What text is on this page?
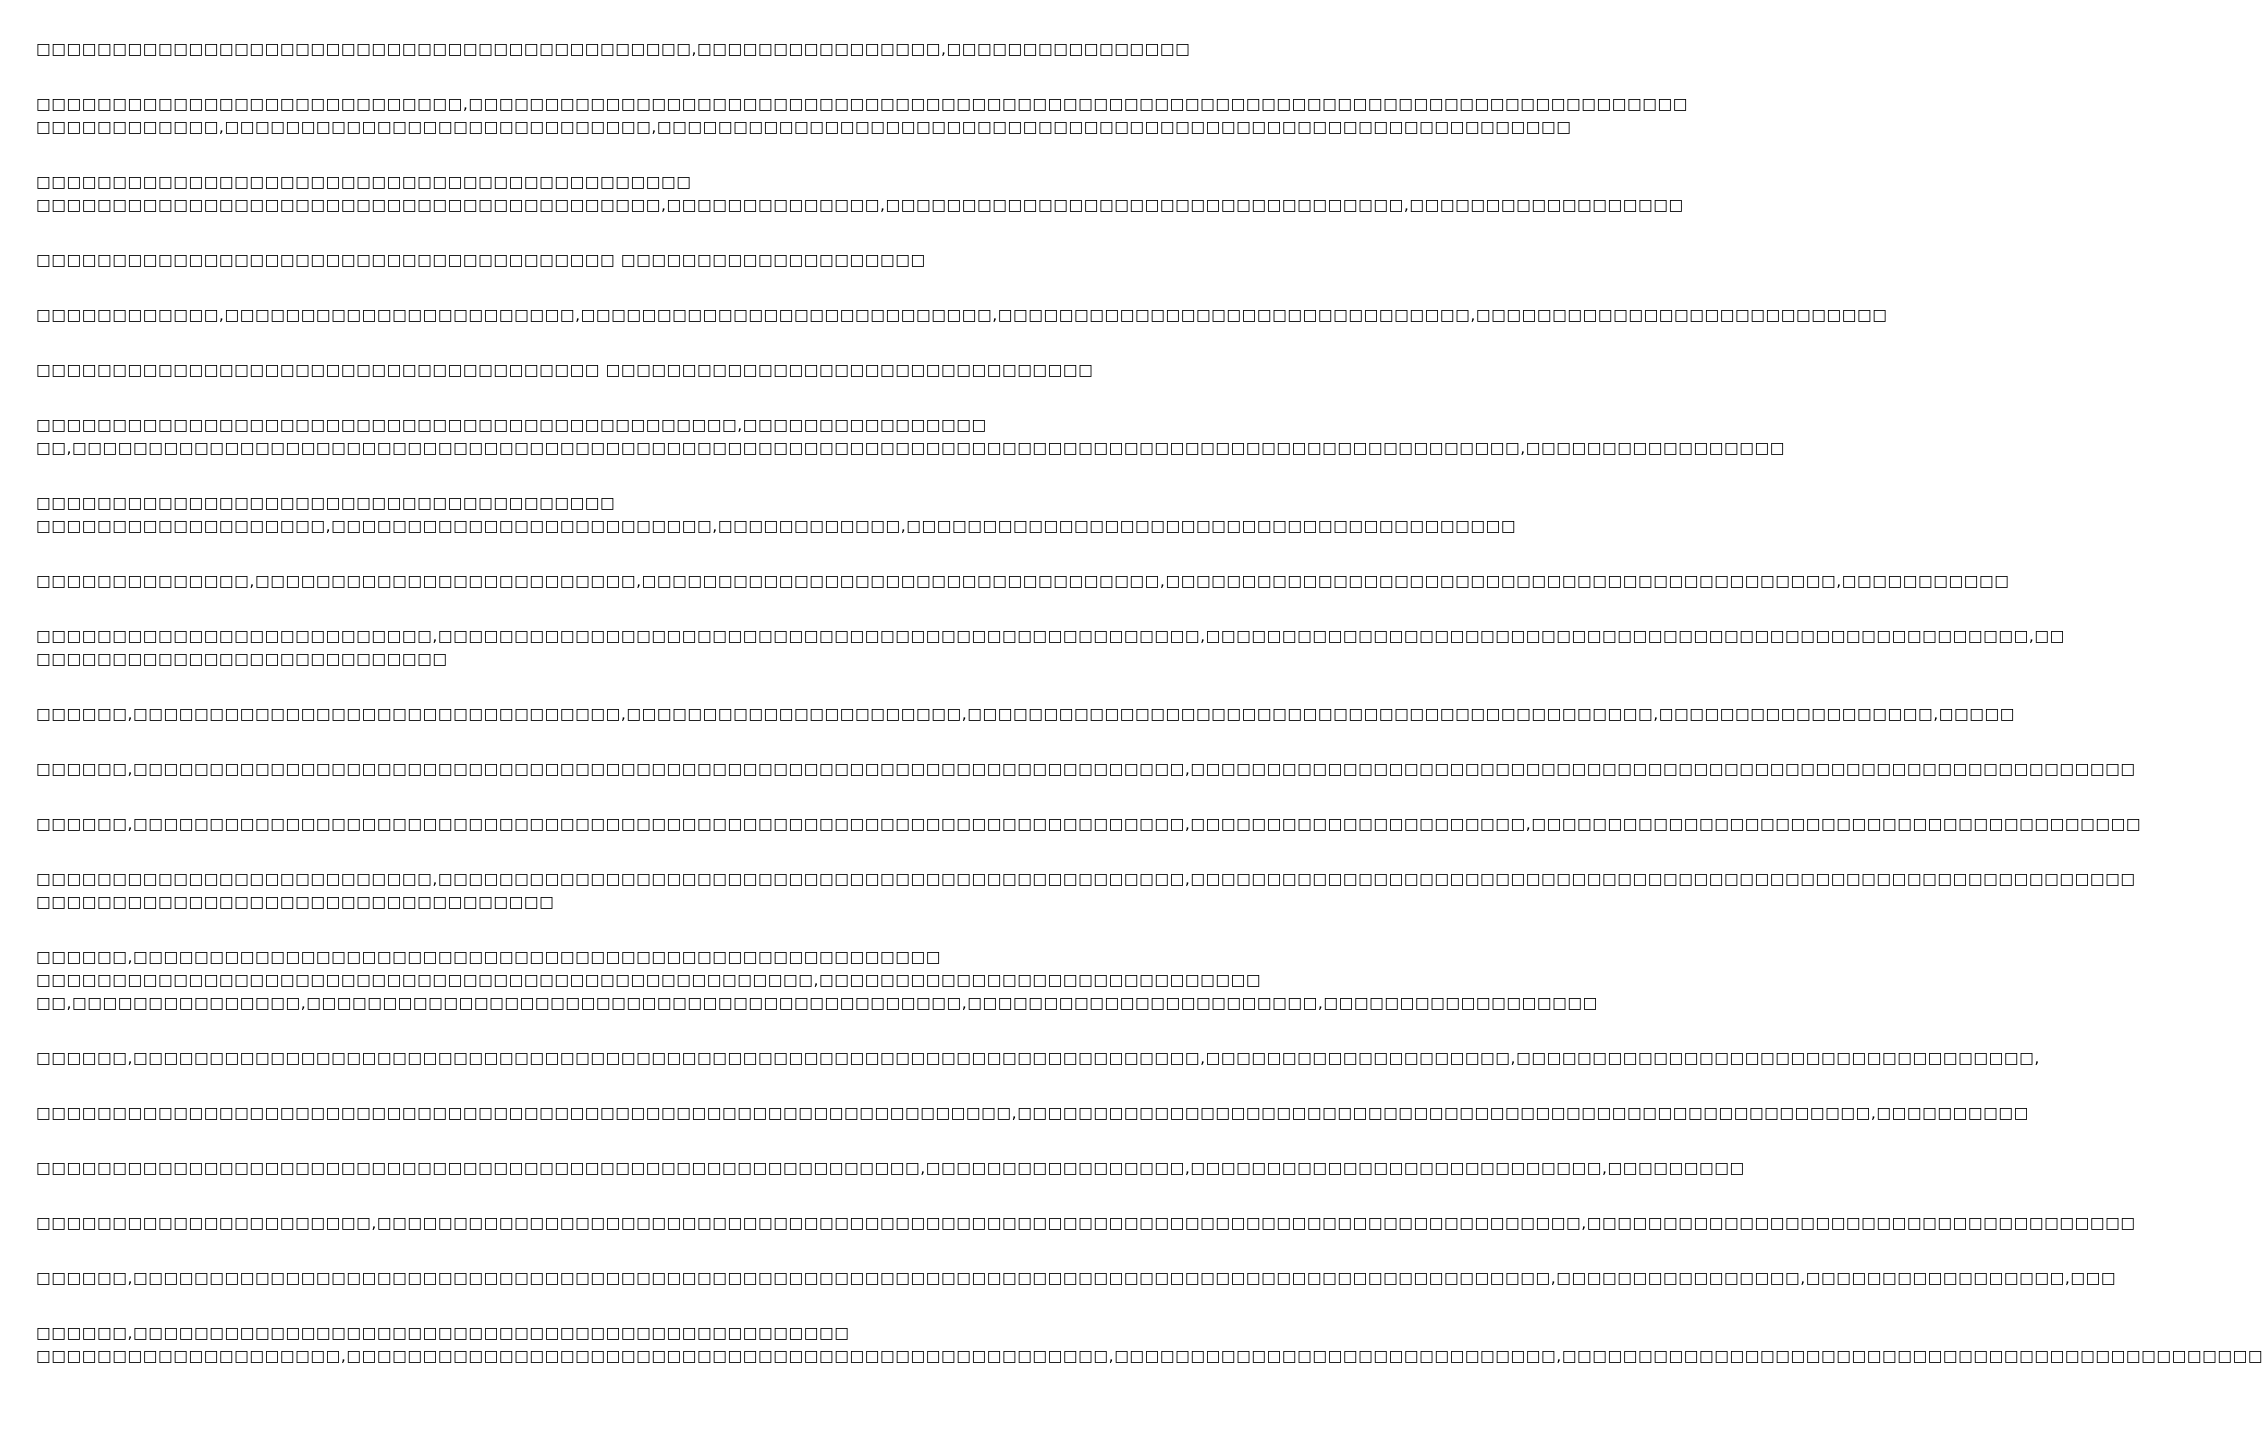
□□□□□□□□□□□□□□□□□□□□□□□□□□□□□□□□□□□□□□□□□□□,□□□□□□□□□□□□□□□□,□□□□□□□□□□□□□□□□

□□□□□□□□□□□□□□□□□□□□□□□□□□□□,□□□□□□□□□□□□□□□□□□□□□□□□□□□□□□□□□□□□□□□□□□□□□□□□□□□□□□□□□□□□□□□□□□□□□□□□□□□□□□□□
□□□□□□□□□□□□,□□□□□□□□□□□□□□□□□□□□□□□□□□□□,□□□□□□□□□□□□□□□□□□□□□□□□□□□□□□□□□□□□□□□□□□□□□□□□□□□□□□□□□□□□

□□□□□□□□□□□□□□□□□□□□□□□□□□□□□□□□□□□□□□□□□□□
□□□□□□□□□□□□□□□□□□□□□□□□□□□□□□□□□□□□□□□□□,□□□□□□□□□□□□□□,□□□□□□□□□□□□□□□□□□□□□□□□□□□□□□□□□□,□□□□□□□□□□□□□□□□□□

□□□□□□□□□□□□□□□□□□□□□□□□□□□□□□□□□□□□□□ □□□□□□□□□□□□□□□□□□□□

□□□□□□□□□□□□,□□□□□□□□□□□□□□□□□□□□□□□,□□□□□□□□□□□□□□□□□□□□□□□□□□□,□□□□□□□□□□□□□□□□□□□□□□□□□□□□□□□,□□□□□□□□□□□□□□□□□□□□□□□□□□□

□□□□□□□□□□□□□□□□□□□□□□□□□□□□□□□□□□□□□ □□□□□□□□□□□□□□□□□□□□□□□□□□□□□□□□

□□□□□□□□□□□□□□□□□□□□□□□□□□□□□□□□□□□□□□□□□□□□□□,□□□□□□□□□□□□□□□□
□□,□□□□□□□□□□□□□□□□□□□□□□□□□□□□□□□□□□□□□□□□□□□□□□□□□□□□□□□□□□□□□□□□□□□□□□□□□□□□□□□□□□□□□□□□□□□□□□□,□□□□□□□□□□□□□□□□□

□□□□□□□□□□□□□□□□□□□□□□□□□□□□□□□□□□□□□□
□□□□□□□□□□□□□□□□□□□,□□□□□□□□□□□□□□□□□□□□□□□□□,□□□□□□□□□□□□,□□□□□□□□□□□□□□□□□□□□□□□□□□□□□□□□□□□□□□□□

□□□□□□□□□□□□□□,□□□□□□□□□□□□□□□□□□□□□□□□□,□□□□□□□□□□□□□□□□□□□□□□□□□□□□□□□□□□,□□□□□□□□□□□□□□□□□□□□□□□□□□□□□□□□□□□□□□□□□□□□,□□□□□□□□□□□

□□□□□□□□□□□□□□□□□□□□□□□□□□,□□□□□□□□□□□□□□□□□□□□□□□□□□□□□□□□□□□□□□□□□□□□□□□□□□,□□□□□□□□□□□□□□□□□□□□□□□□□□□□□□□□□□□□□□□□□□□□□□□□□□□□□□,□□
□□□□□□□□□□□□□□□□□□□□□□□□□□□

□□□□□□,□□□□□□□□□□□□□□□□□□□□□□□□□□□□□□□□,□□□□□□□□□□□□□□□□□□□□□□,□□□□□□□□□□□□□□□□□□□□□□□□□□□□□□□□□□□□□□□□□□□□□,□□□□□□□□□□□□□□□□□□,□□□□□

□□□□□□,□□□□□□□□□□□□□□□□□□□□□□□□□□□□□□□□□□□□□□□□□□□□□□□□□□□□□□□□□□□□□□□□□□□□□,□□□□□□□□□□□□□□□□□□□□□□□□□□□□□□□□□□□□□□□□□□□□□□□□□□□□□□□□□□□□□□

□□□□□□,□□□□□□□□□□□□□□□□□□□□□□□□□□□□□□□□□□□□□□□□□□□□□□□□□□□□□□□□□□□□□□□□□□□□□,□□□□□□□□□□□□□□□□□□□□□□,□□□□□□□□□□□□□□□□□□□□□□□□□□□□□□□□□□□□□□□□

□□□□□□□□□□□□□□□□□□□□□□□□□□,□□□□□□□□□□□□□□□□□□□□□□□□□□□□□□□□□□□□□□□□□□□□□□□□□,□□□□□□□□□□□□□□□□□□□□□□□□□□□□□□□□□□□□□□□□□□□□□□□□□□□□□□□□□□□□□□
□□□□□□□□□□□□□□□□□□□□□□□□□□□□□□□□□□

□□□□□□,□□□□□□□□□□□□□□□□□□□□□□□□□□□□□□□□□□□□□□□□□□□□□□□□□□□□□
□□□□□□□□□□□□□□□□□□□□□□□□□□□□□□□□□□□□□□□□□□□□□□□□□□□,□□□□□□□□□□□□□□□□□□□□□□□□□□□□□
□□,□□□□□□□□□□□□□□□,□□□□□□□□□□□□□□□□□□□□□□□□□□□□□□□□□□□□□□□□□□□,□□□□□□□□□□□□□□□□□□□□□□□,□□□□□□□□□□□□□□□□□□

□□□□□□,□□□□□□□□□□□□□□□□□□□□□□□□□□□□□□□□□□□□□□□□□□□□□□□□□□□□□□□□□□□□□□□□□□□□□□,□□□□□□□□□□□□□□□□□□□□,□□□□□□□□□□□□□□□□□□□□□□□□□□□□□□□□□□,

□□□□□□□□□□□□□□□□□□□□□□□□□□□□□□□□□□□□□□□□□□□□□□□□□□□□□□□□□□□□□□□□,□□□□□□□□□□□□□□□□□□□□□□□□□□□□□□□□□□□□□□□□□□□□□□□□□□□□□□□□,□□□□□□□□□□

□□□□□□□□□□□□□□□□□□□□□□□□□□□□□□□□□□□□□□□□□□□□□□□□□□□□□□□□□□,□□□□□□□□□□□□□□□□□,□□□□□□□□□□□□□□□□□□□□□□□□□□□,□□□□□□□□□

□□□□□□□□□□□□□□□□□□□□□□,□□□□□□□□□□□□□□□□□□□□□□□□□□□□□□□□□□□□□□□□□□□□□□□□□□□□□□□□□□□□□□□□□□□□□□□□□□□□□□□,□□□□□□□□□□□□□□□□□□□□□□□□□□□□□□□□□□□□

□□□□□□,□□□□□□□□□□□□□□□□□□□□□□□□□□□□□□□□□□□□□□□□□□□□□□□□□□□□□□□□□□□□□□□□□□□□□□□□□□□□□□□□□□□□□□□□□□□□□,□□□□□□□□□□□□□□□□,□□□□□□□□□□□□□□□□□,□□□

□□□□□□,□□□□□□□□□□□□□□□□□□□□□□□□□□□□□□□□□□□□□□□□□□□□□□□
□□□□□□□□□□□□□□□□□□□□,□□□□□□□□□□□□□□□□□□□□□□□□□□□□□□□□□□□□□□□□□□□□□□□□□□,□□□□□□□□□□□□□□□□□□□□□□□□□□□□□,□□□□□□□□□□□□□□□□□□□□□□□□□□□□□□□□□□□□□□□□□□□□□□
